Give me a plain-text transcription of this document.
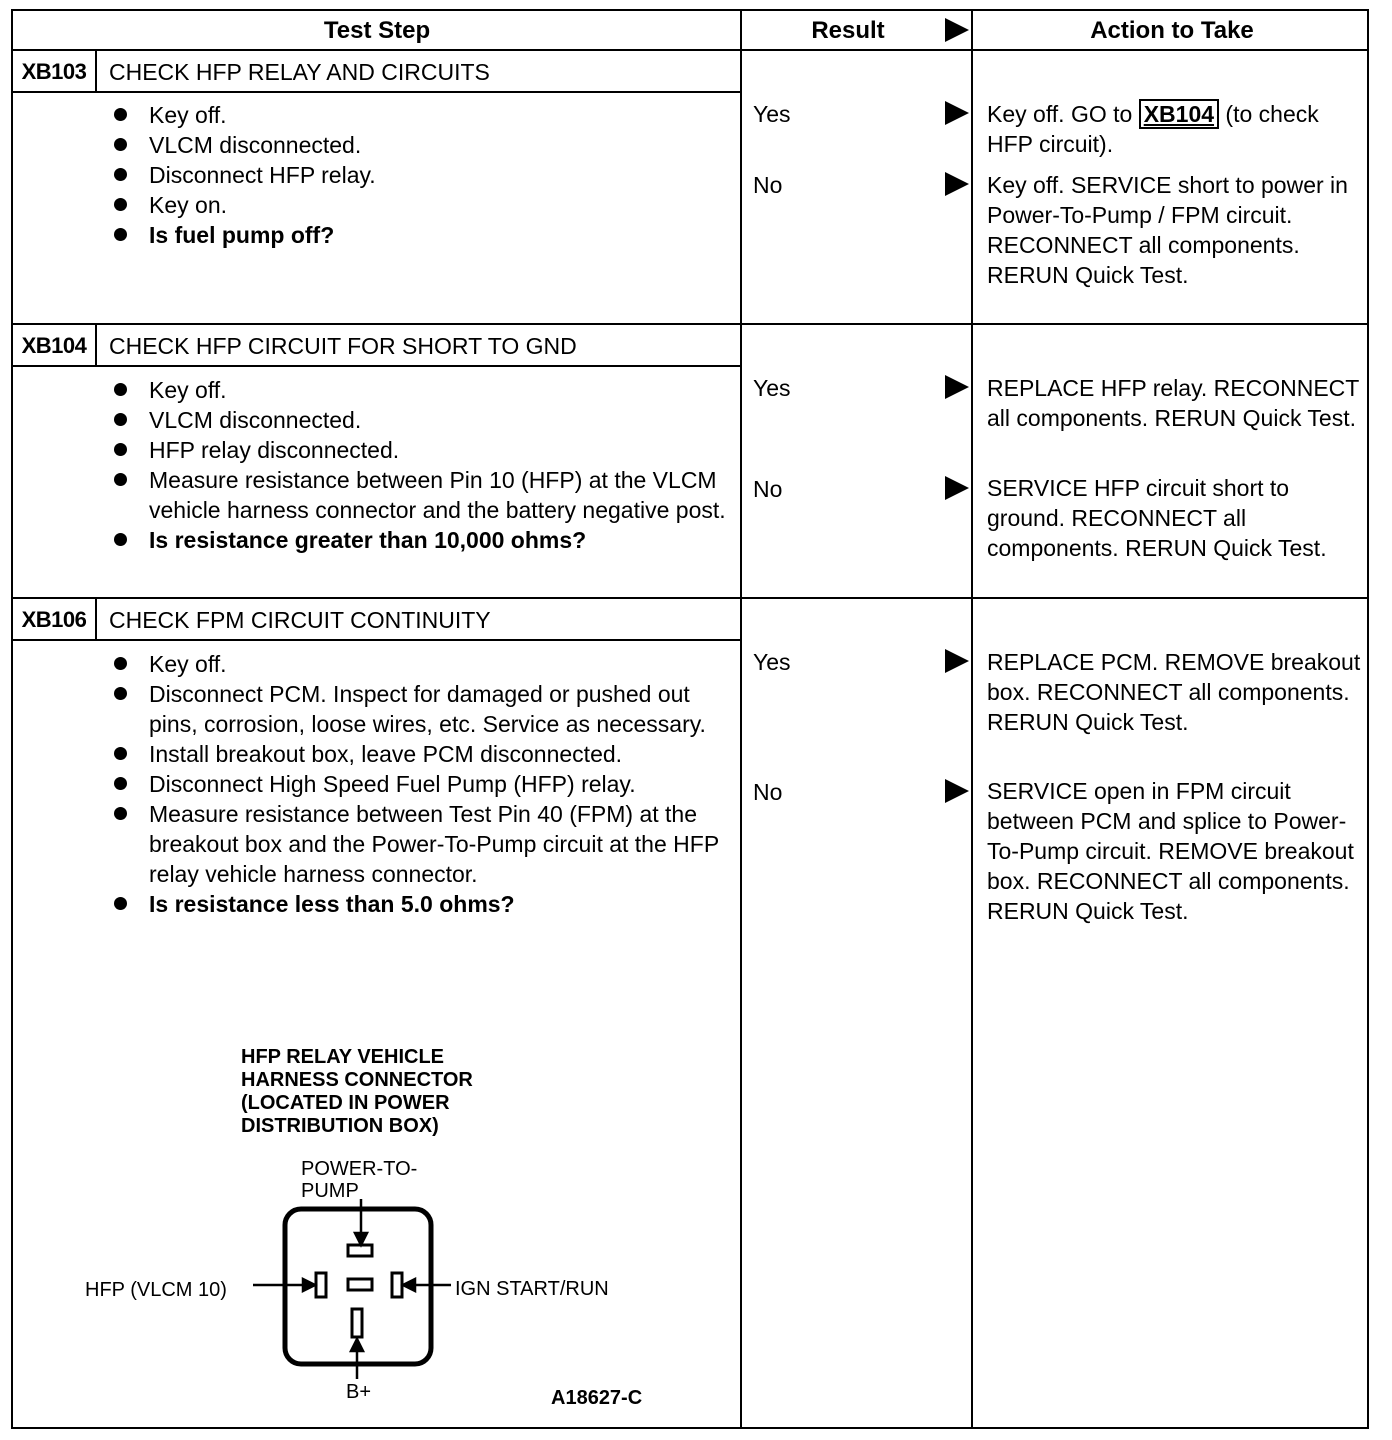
Test Step	Result	Action to Take
XB103 CHECK HFP RELAY AND CIRCUITS
Key off.
VLCM disconnected.
Disconnect HFP relay.
Key on.
Is fuel pump off?
Yes	Key off. GO to XB104 (to check HFP circuit).
No	Key off. SERVICE short to power in Power-To-Pump / FPM circuit. RECONNECT all components. RERUN Quick Test.
XB104 CHECK HFP CIRCUIT FOR SHORT TO GND
Key off.
VLCM disconnected.
HFP relay disconnected.
Measure resistance between Pin 10 (HFP) at the VLCM vehicle harness connector and the battery negative post.
Is resistance greater than 10,000 ohms?
Yes	REPLACE HFP relay. RECONNECT all components. RERUN Quick Test.
No	SERVICE HFP circuit short to ground. RECONNECT all components. RERUN Quick Test.
XB106 CHECK FPM CIRCUIT CONTINUITY
Key off.
Disconnect PCM. Inspect for damaged or pushed out pins, corrosion, loose wires, etc. Service as necessary.
Install breakout box, leave PCM disconnected.
Disconnect High Speed Fuel Pump (HFP) relay.
Measure resistance between Test Pin 40 (FPM) at the breakout box and the Power-To-Pump circuit at the HFP relay vehicle harness connector.
Is resistance less than 5.0 ohms?
Yes	REPLACE PCM. REMOVE breakout box. RECONNECT all components. RERUN Quick Test.
No	SERVICE open in FPM circuit between PCM and splice to Power-To-Pump circuit. REMOVE breakout box. RECONNECT all components. RERUN Quick Test.
HFP RELAY VEHICLE
HARNESS CONNECTOR
(LOCATED IN POWER
DISTRIBUTION BOX)
POWER-TO-
PUMP
HFP (VLCM 10)	IGN START/RUN
B+	A18627-C
